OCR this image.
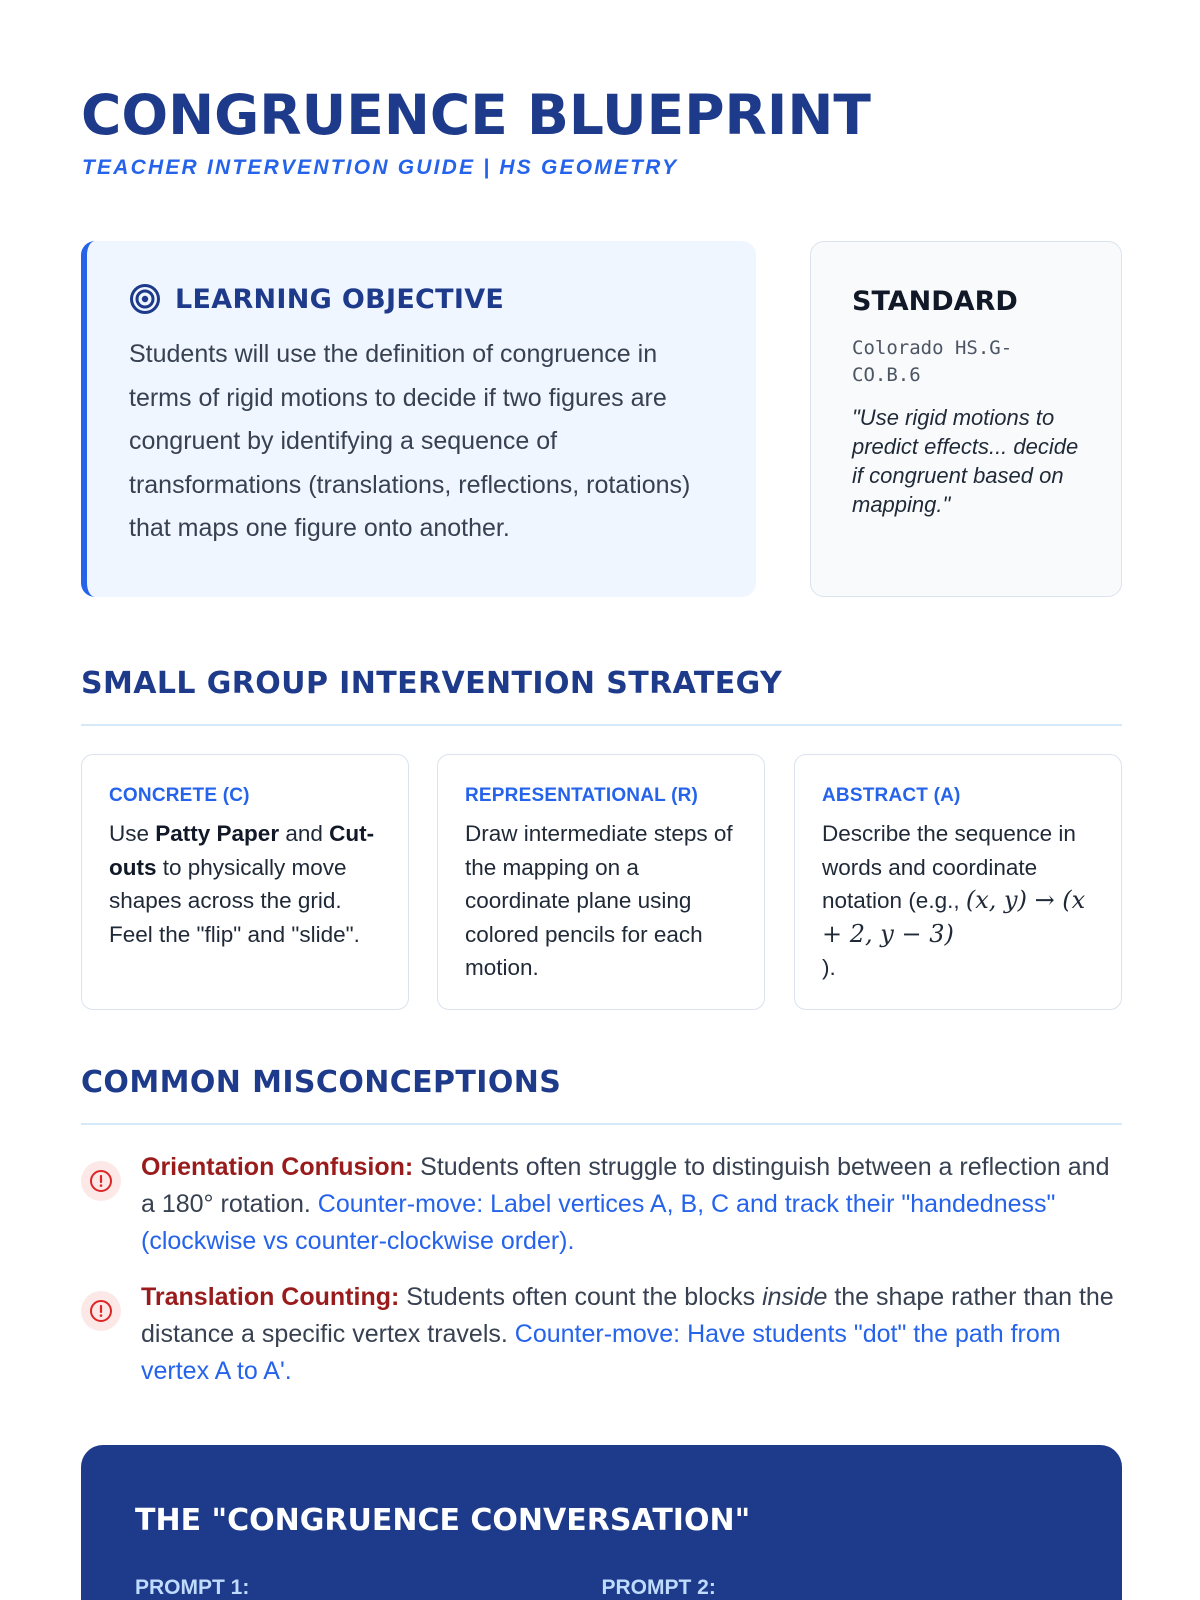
CONGRUENCE BLUEPRINT
TEACHER INTERVENTION GUIDE | HS GEOMETRY
LEARNING OBJECTIVE

Students will use the definition of congruence in terms of rigid motions to decide if two figures are congruent by identifying a sequence of transformations (translations, reflections, rotations) that maps one figure onto another.

STANDARD
Colorado HS.G-CO.B.6
"Use rigid motions to predict effects... decide if congruent based on mapping."
SMALL GROUP INTERVENTION STRATEGY
CONCRETE (C)
Use Patty Paper and Cut-outs to physically move shapes across the grid. Feel the "flip" and "slide".
REPRESENTATIONAL (R)
Draw intermediate steps of the mapping on a coordinate plane using colored pencils for each motion.
ABSTRACT (A)
Describe the sequence in words and coordinate notation (e.g., (x, y) → (x + 2, y − 3)
).
COMMON MISCONCEPTIONS

Orientation Confusion: Students often struggle to distinguish between a reflection and a 180° rotation. Counter-move: Label vertices A, B, C and track their "handedness" (clockwise vs counter-clockwise order).

Translation Counting: Students often count the blocks inside the shape rather than the distance a specific vertex travels. Counter-move: Have students "dot" the path from vertex A to A'.

THE "CONGRUENCE CONVERSATION"
PROMPT 1:	PROMPT 2:
